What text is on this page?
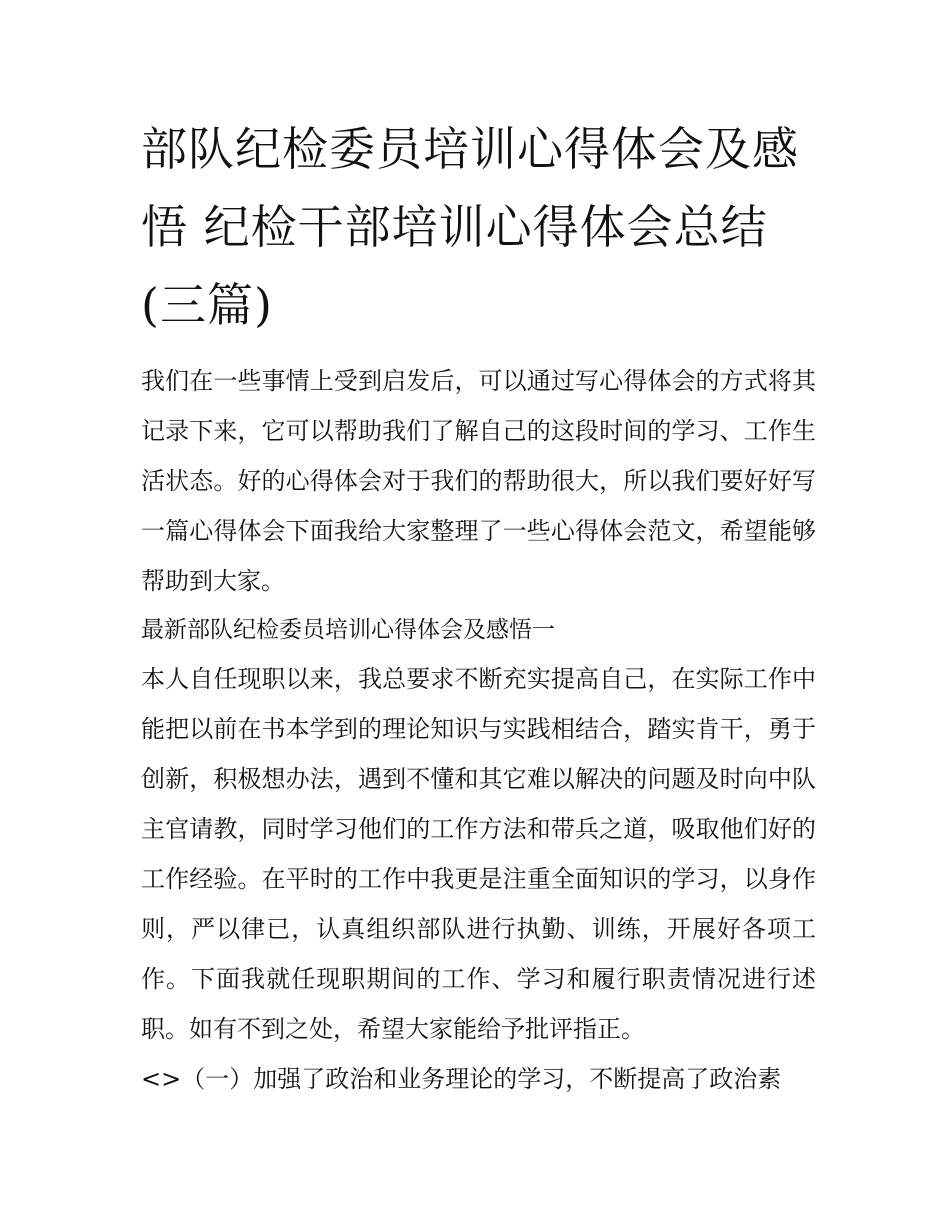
部队纪检委员培训心得体会及感悟 纪检干部培训心得体会总结(三篇)

我们在一些事情上受到启发后，可以通过写心得体会的方式将其记录下来，它可以帮助我们了解自己的这段时间的学习、工作生活状态。好的心得体会对于我们的帮助很大，所以我们要好好写一篇心得体会下面我给大家整理了一些心得体会范文，希望能够帮助到大家。

最新部队纪检委员培训心得体会及感悟一

本人自任现职以来，我总要求不断充实提高自己，在实际工作中能把以前在书本学到的理论知识与实践相结合，踏实肯干，勇于创新，积极想办法，遇到不懂和其它难以解决的问题及时向中队主官请教，同时学习他们的工作方法和带兵之道，吸取他们好的工作经验。在平时的工作中我更是注重全面知识的学习，以身作则，严以律已，认真组织部队进行执勤、训练，开展好各项工作。下面我就任现职期间的工作、学习和履行职责情况进行述职。如有不到之处，希望大家能给予批评指正。

<>（一）加强了政治和业务理论的学习，不断提高了政治素
